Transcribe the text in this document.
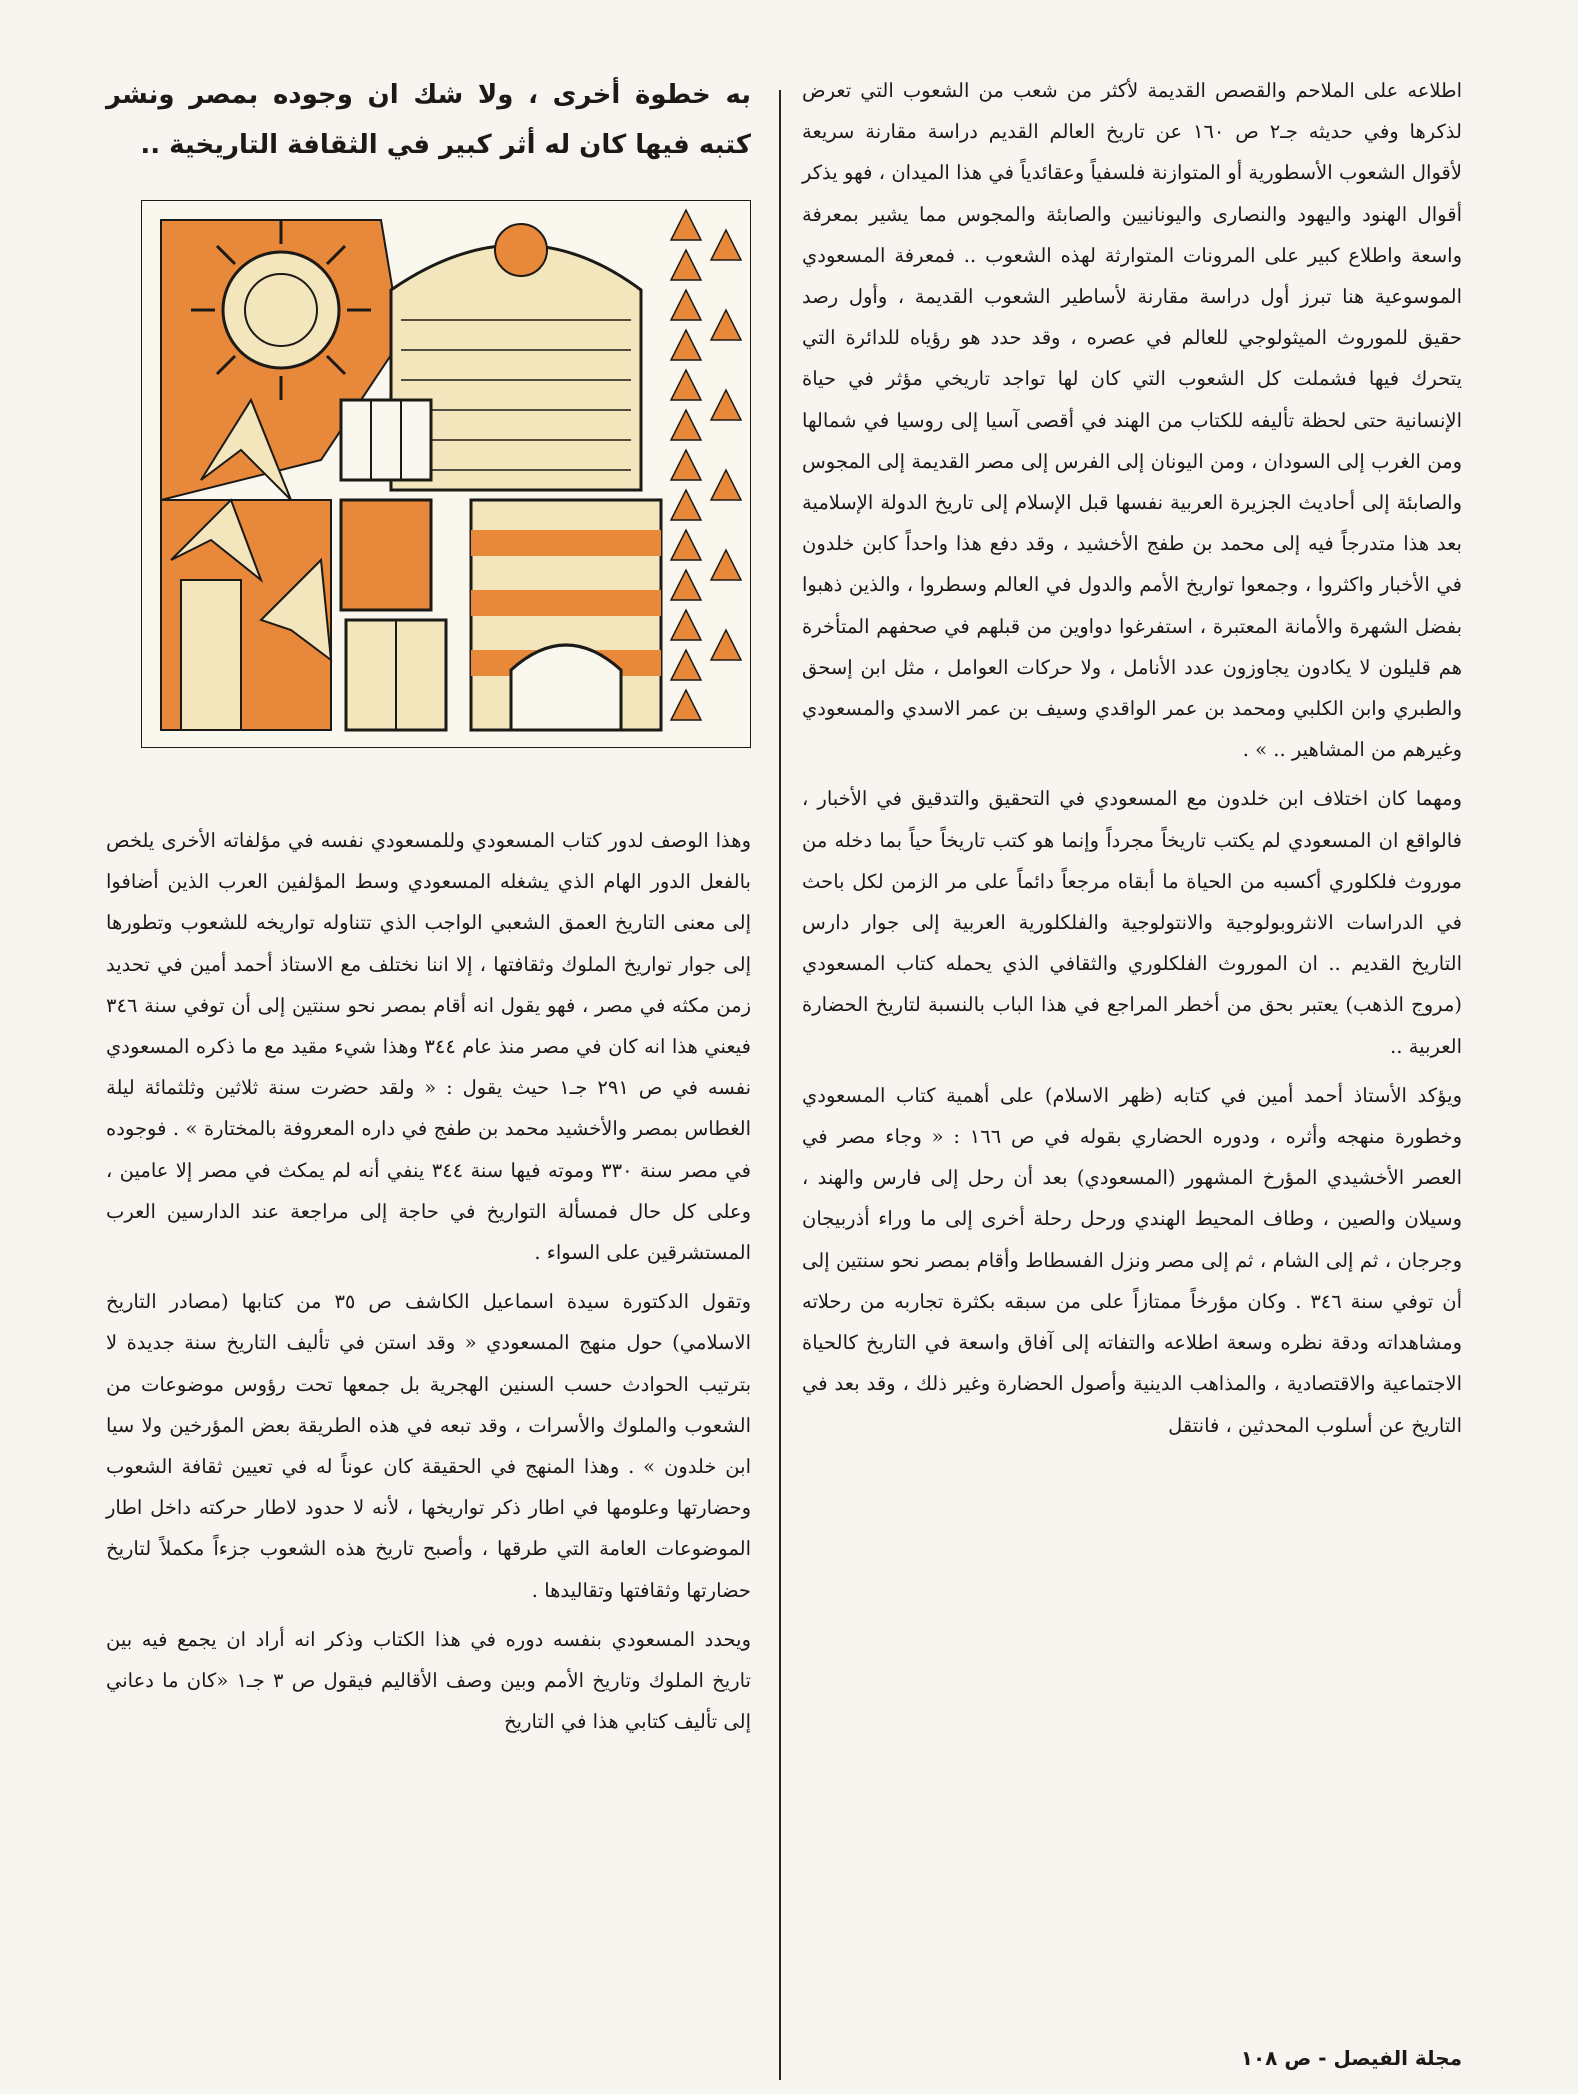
اطلاعه على الملاحم والقصص القديمة لأكثر من شعب من الشعوب التي تعرض لذكرها وفي حديثه جـ٢ ص ١٦٠ عن تاريخ العالم القديم دراسة مقارنة سريعة لأقوال الشعوب الأسطورية أو المتوازنة فلسفياً وعقائدياً في هذا الميدان ، فهو يذكر أقوال الهنود واليهود والنصارى واليونانيين والصابئة والمجوس مما يشير بمعرفة واسعة واطلاع كبير على المرونات المتوارثة لهذه الشعوب .. فمعرفة المسعودي الموسوعية هنا تبرز أول دراسة مقارنة لأساطير الشعوب القديمة ، وأول رصد حقيق للموروث الميثولوجي للعالم في عصره ، وقد حدد هو رؤياه للدائرة التي يتحرك فيها فشملت كل الشعوب التي كان لها تواجد تاريخي مؤثر في حياة الإنسانية حتى لحظة تأليفه للكتاب من الهند في أقصى آسيا إلى روسيا في شمالها ومن الغرب إلى السودان ، ومن اليونان إلى الفرس إلى مصر القديمة إلى المجوس والصابئة إلى أحاديث الجزيرة العربية نفسها قبل الإسلام إلى تاريخ الدولة الإسلامية بعد هذا متدرجاً فيه إلى محمد بن طفج الأخشيد ، وقد دفع هذا واحداً كابن خلدون في الأخبار واكثروا ، وجمعوا تواريخ الأمم والدول في العالم وسطروا ، والذين ذهبوا بفضل الشهرة والأمانة المعتبرة ، استفرغوا دواوين من قبلهم في صحفهم المتأخرة هم قليلون لا يكادون يجاوزون عدد الأنامل ، ولا حركات العوامل ، مثل ابن إسحق والطبري وابن الكلبي ومحمد بن عمر الواقدي وسيف بن عمر الاسدي والمسعودي وغيرهم من المشاهير .. » .

ومهما كان اختلاف ابن خلدون مع المسعودي في التحقيق والتدقيق في الأخبار ، فالواقع ان المسعودي لم يكتب تاريخاً مجرداً وإنما هو كتب تاريخاً حياً بما دخله من موروث فلكلوري أكسبه من الحياة ما أبقاه مرجعاً دائماً على مر الزمن لكل باحث في الدراسات الانثروبولوجية والانتولوجية والفلكلورية العربية إلى جوار دارس التاريخ القديم .. ان الموروث الفلكلوري والثقافي الذي يحمله كتاب المسعودي (مروج الذهب) يعتبر بحق من أخطر المراجع في هذا الباب بالنسبة لتاريخ الحضارة العربية ..

ويؤكد الأستاذ أحمد أمين في كتابه (ظهر الاسلام) على أهمية كتاب المسعودي وخطورة منهجه وأثره ، ودوره الحضاري بقوله في ص ١٦٦ : « وجاء مصر في العصر الأخشيدي المؤرخ المشهور (المسعودي) بعد أن رحل إلى فارس والهند ، وسيلان والصين ، وطاف المحيط الهندي ورحل رحلة أخرى إلى ما وراء أذربيجان وجرجان ، ثم إلى الشام ، ثم إلى مصر ونزل الفسطاط وأقام بمصر نحو سنتين إلى أن توفي سنة ٣٤٦ . وكان مؤرخاً ممتازاً على من سبقه بكثرة تجاربه من رحلاته ومشاهداته ودقة نظره وسعة اطلاعه والتفاته إلى آفاق واسعة في التاريخ كالحياة الاجتماعية والاقتصادية ، والمذاهب الدينية وأصول الحضارة وغير ذلك ، وقد بعد في التاريخ عن أسلوب المحدثين ، فانتقل

به خطوة أخرى ، ولا شك ان وجوده بمصر ونشر كتبه فيها كان له أثر كبير في الثقافة التاريخية ..

وهذا الوصف لدور كتاب المسعودي وللمسعودي نفسه في مؤلفاته الأخرى يلخص بالفعل الدور الهام الذي يشغله المسعودي وسط المؤلفين العرب الذين أضافوا إلى معنى التاريخ العمق الشعبي الواجب الذي تتناوله تواريخه للشعوب وتطورها إلى جوار تواريخ الملوك وثقافتها ، إلا اننا نختلف مع الاستاذ أحمد أمين في تحديد زمن مكثه في مصر ، فهو يقول انه أقام بمصر نحو سنتين إلى أن توفي سنة ٣٤٦ فيعني هذا انه كان في مصر منذ عام ٣٤٤ وهذا شيء مقيد مع ما ذكره المسعودي نفسه في ص ٢٩١ جـ١ حيث يقول : « ولقد حضرت سنة ثلاثين وثلثمائة ليلة الغطاس بمصر والأخشيد محمد بن طفج في داره المعروفة بالمختارة » . فوجوده في مصر سنة ٣٣٠ وموته فيها سنة ٣٤٤ ينفي أنه لم يمكث في مصر إلا عامين ، وعلى كل حال فمسألة التواريخ في حاجة إلى مراجعة عند الدارسين العرب المستشرقين على السواء .

وتقول الدكتورة سيدة اسماعيل الكاشف ص ٣٥ من كتابها (مصادر التاريخ الاسلامي) حول منهج المسعودي « وقد استن في تأليف التاريخ سنة جديدة لا بترتيب الحوادث حسب السنين الهجرية بل جمعها تحت رؤوس موضوعات من الشعوب والملوك والأسرات ، وقد تبعه في هذه الطريقة بعض المؤرخين ولا سيا ابن خلدون » . وهذا المنهج في الحقيقة كان عوناً له في تعيين ثقافة الشعوب وحضارتها وعلومها في اطار ذكر تواريخها ، لأنه لا حدود لاطار حركته داخل اطار الموضوعات العامة التي طرقها ، وأصبح تاريخ هذه الشعوب جزءاً مكملاً لتاريخ حضارتها وثقافتها وتقاليدها .

ويحدد المسعودي بنفسه دوره في هذا الكتاب وذكر انه أراد ان يجمع فيه بين تاريخ الملوك وتاريخ الأمم وبين وصف الأقاليم فيقول ص ٣ جـ١ «كان ما دعاني إلى تأليف كتابي هذا في التاريخ

مجلة الفيصل - ص ١٠٨
